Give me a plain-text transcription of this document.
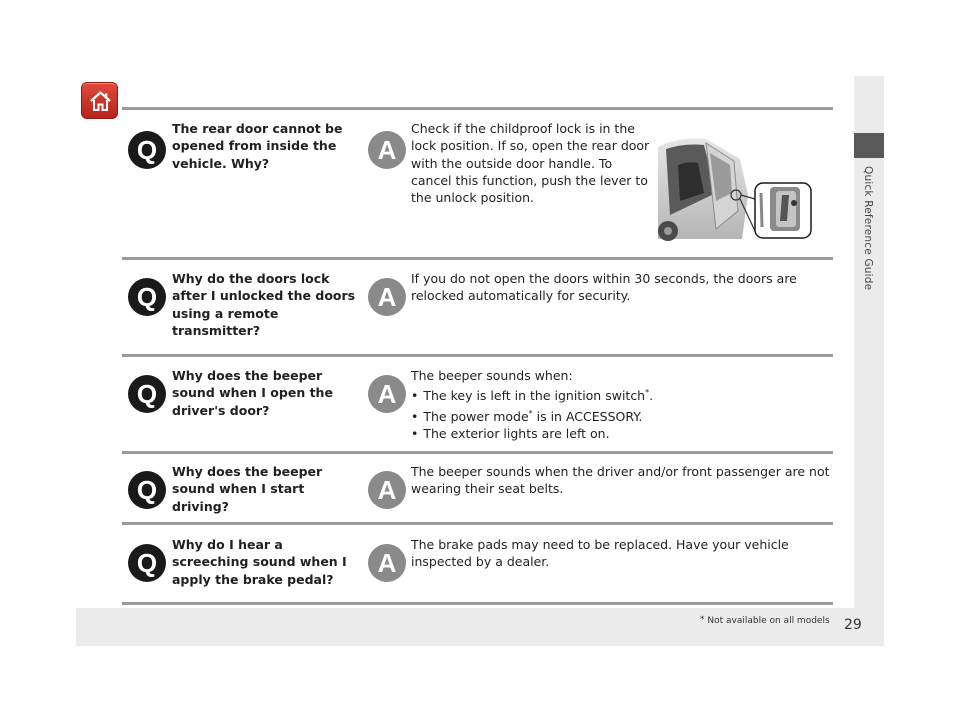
Quick Reference Guide
Q
The rear door cannot be opened from inside the vehicle. Why?	A
Check if the childproof lock is in the lock position. If so, open the rear door with the outside door handle. To cancel this function, push the lever to the unlock position.
Q
Why do the doors lock after I unlocked the doors using a remote transmitter?
A
If you do not open the doors within 30 seconds, the doors are relocked automatically for security.
Q
Why does the beeper sound when I open the driver's door?
A
The beeper sounds when:
• The key is left in the ignition switch*.
• The power mode* is in ACCESSORY.
• The exterior lights are left on.
Q
Why does the beeper sound when I start driving?
A
The beeper sounds when the driver and/or front passenger are not wearing their seat belts.
Q
Why do I hear a screeching sound when I apply the brake pedal?
A
The brake pads may need to be replaced. Have your vehicle inspected by a dealer.
* Not available on all models 29
